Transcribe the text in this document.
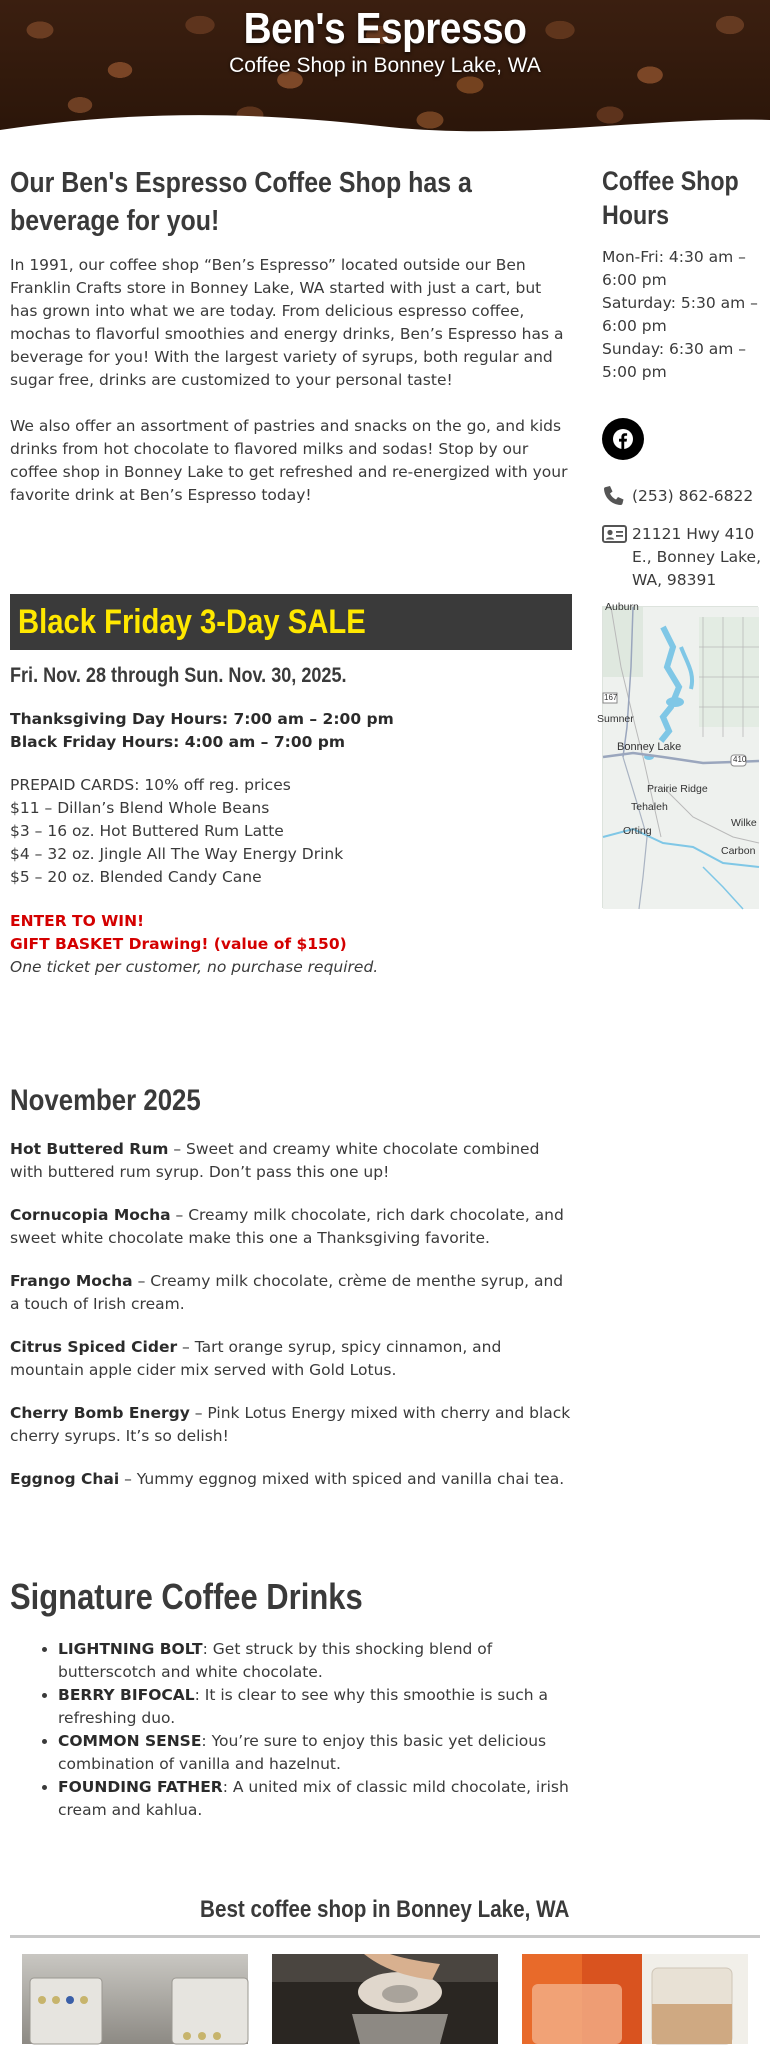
Ben's Espresso
Coffee Shop in Bonney Lake, WA
Our Ben's Espresso Coffee Shop has a
beverage for you!

In 1991, our coffee shop “Ben’s Espresso” located outside our Ben Franklin Crafts store in Bonney Lake, WA started with just a cart, but has grown into what we are today. From delicious espresso coffee, mochas to flavorful smoothies and energy drinks, Ben’s Espresso has a beverage for you! With the largest variety of syrups, both regular and sugar free, drinks are customized to your personal taste!

We also offer an assortment of pastries and snacks on the go, and kids drinks from hot chocolate to flavored milks and sodas! Stop by our coffee shop in Bonney Lake to get refreshed and re-energized with your favorite drink at Ben’s Espresso today!

Black Friday 3-Day SALE
Fri. Nov. 28 through Sun. Nov. 30, 2025.
Thanksgiving Day Hours: 7:00 am – 2:00 pm
Black Friday Hours: 4:00 am – 7:00 pm
PREPAID CARDS: 10% off reg. prices
$11 – Dillan’s Blend Whole Beans
$3 – 16 oz. Hot Buttered Rum Latte
$4 – 32 oz. Jingle All The Way Energy Drink
$5 – 20 oz. Blended Candy Cane
ENTER TO WIN!
GIFT BASKET Drawing! (value of $150)
One ticket per customer, no purchase required.
November 2025

Hot Buttered Rum – Sweet and creamy white chocolate combined with buttered rum syrup. Don’t pass this one up!

Cornucopia Mocha – Creamy milk chocolate, rich dark chocolate, and sweet white chocolate make this one a Thanksgiving favorite.

Frango Mocha – Creamy milk chocolate, crème de menthe syrup, and a touch of Irish cream.

Citrus Spiced Cider – Tart orange syrup, spicy cinnamon, and mountain apple cider mix served with Gold Lotus.

Cherry Bomb Energy – Pink Lotus Energy mixed with cherry and black cherry syrups. It’s so delish!

Eggnog Chai – Yummy eggnog mixed with spiced and vanilla chai tea.

Signature Coffee Drinks
• LIGHTNING BOLT: Get struck by this shocking blend of butterscotch and white chocolate.
• BERRY BIFOCAL: It is clear to see why this smoothie is such a refreshing duo.
• COMMON SENSE: You’re sure to enjoy this basic yet delicious combination of vanilla and hazelnut.
• FOUNDING FATHER: A united mix of classic mild chocolate, irish cream and kahlua.
Coffee Shop
Hours
Mon-Fri: 4:30 am – 6:00 pm
Saturday: 5:30 am – 6:00 pm
Sunday: 6:30 am – 5:00 pm
(253) 862-6822
21121 Hwy 410 E., Bonney Lake, WA, 98391
Auburn
Sumner
Bonney Lake
Prairie Ridge
Tehaleh
Orting
Wilke
Carbon
410
167
Best coffee shop in Bonney Lake, WA
